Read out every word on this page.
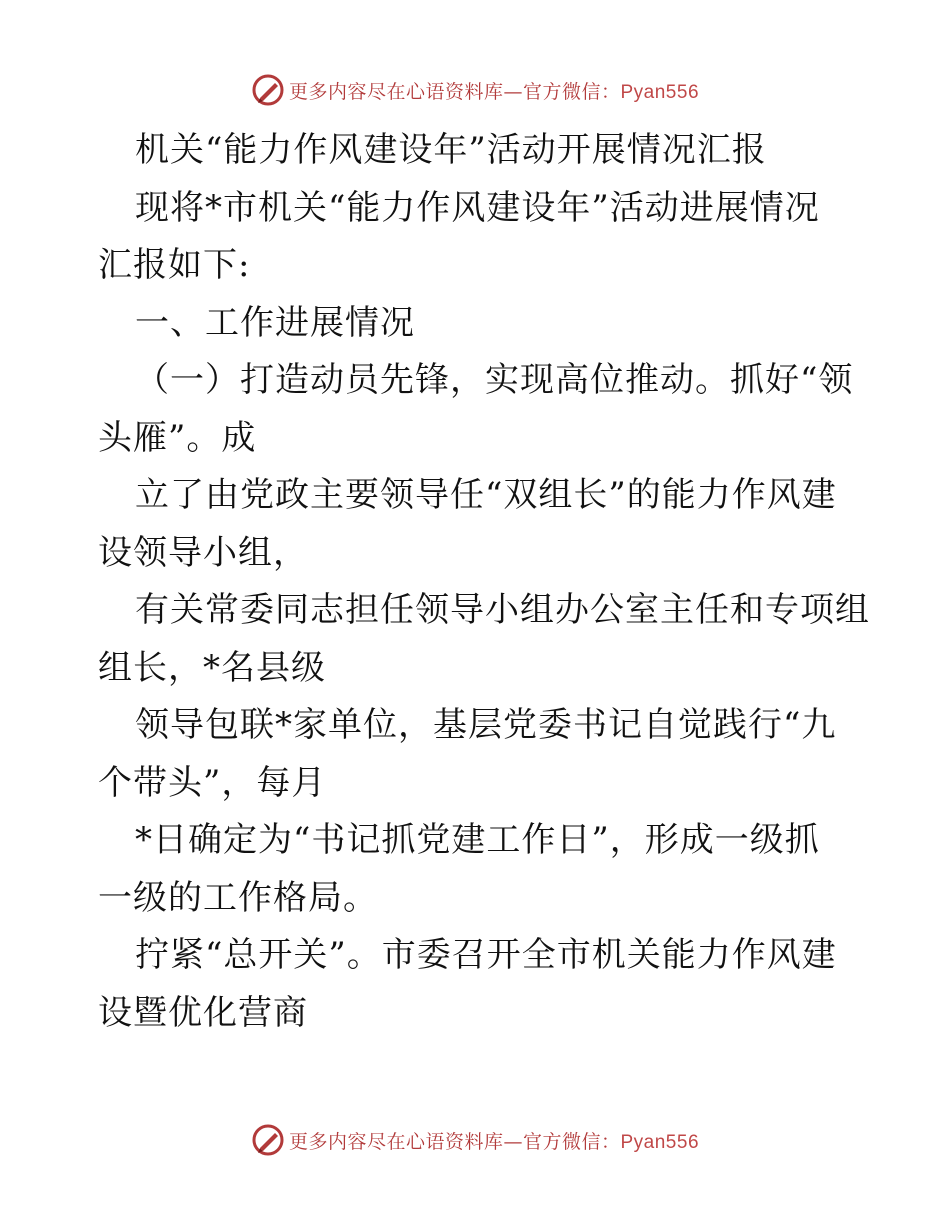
更多内容尽在心语资料库—官方微信：Pyan556
机关“能力作风建设年”活动开展情况汇报
现将*市机关“能力作风建设年”活动进展情况
汇报如下:
一、工作进展情况
（一）打造动员先锋，实现高位推动。抓好“领
头雁”。成
立了由党政主要领导任“双组长”的能力作风建
设领导小组，
有关常委同志担任领导小组办公室主任和专项组
组长，*名县级
领导包联*家单位，基层党委书记自觉践行“九
个带头”，每月
*日确定为“书记抓党建工作日”，形成一级抓
一级的工作格局。
拧紧“总开关”。市委召开全市机关能力作风建
设暨优化营商
更多内容尽在心语资料库—官方微信：Pyan556
